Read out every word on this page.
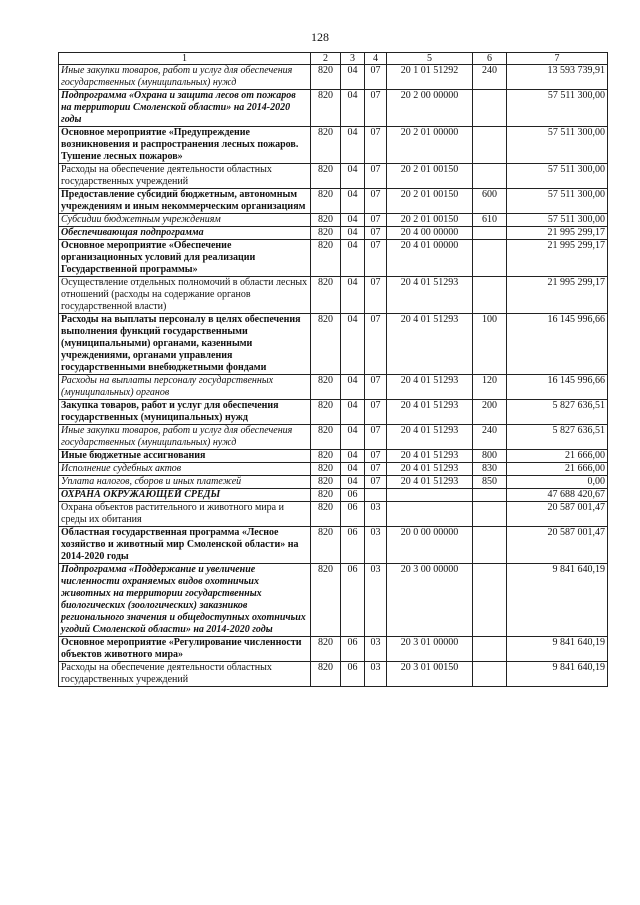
128
1	2	3	4	5	6	7
Иные закупки товаров, работ и услуг для обеспечения государственных (муниципальных) нужд	820	04	07	20 1 01 51292	240	13 593 739,91
Подпрограмма «Охрана и защита лесов от пожаров на территории Смоленской области» на 2014-2020 годы	820	04	07	20 2 00 00000		57 511 300,00
Основное мероприятие «Предупреждение возникновения и распространения лесных пожаров. Тушение лесных пожаров»	820	04	07	20 2 01 00000		57 511 300,00
Расходы на обеспечение деятельности областных государственных учреждений	820	04	07	20 2 01 00150		57 511 300,00
Предоставление субсидий бюджетным, автономным учреждениям и иным некоммерческим организациям	820	04	07	20 2 01 00150	600	57 511 300,00
Субсидии бюджетным учреждениям	820	04	07	20 2 01 00150	610	57 511 300,00
Обеспечивающая подпрограмма	820	04	07	20 4 00 00000		21 995 299,17
Основное мероприятие «Обеспечение организационных условий для реализации Государственной программы»	820	04	07	20 4 01 00000		21 995 299,17
Осуществление отдельных полномочий в области лесных отношений (расходы на содержание органов государственной власти)	820	04	07	20 4 01 51293		21 995 299,17
Расходы на выплаты персоналу в целях обеспечения выполнения функций государственными (муниципальными) органами, казенными учреждениями, органами управления государственными внебюджетными фондами	820	04	07	20 4 01 51293	100	16 145 996,66
Расходы на выплаты персоналу государственных (муниципальных) органов	820	04	07	20 4 01 51293	120	16 145 996,66
Закупка товаров, работ и услуг для обеспечения государственных (муниципальных) нужд	820	04	07	20 4 01 51293	200	5 827 636,51
Иные закупки товаров, работ и услуг для обеспечения государственных (муниципальных) нужд	820	04	07	20 4 01 51293	240	5 827 636,51
Иные бюджетные ассигнования	820	04	07	20 4 01 51293	800	21 666,00
Исполнение судебных актов	820	04	07	20 4 01 51293	830	21 666,00
Уплата налогов, сборов и иных платежей	820	04	07	20 4 01 51293	850	0,00
ОХРАНА ОКРУЖАЮЩЕЙ СРЕДЫ	820	06				47 688 420,67
Охрана объектов растительного и животного мира и среды их обитания	820	06	03			20 587 001,47
Областная государственная программа «Лесное хозяйство и животный мир Смоленской области» на 2014-2020 годы	820	06	03	20 0 00 00000		20 587 001,47
Подпрограмма «Поддержание и увеличение численности охраняемых видов охотничьих животных на территории государственных биологических (зоологических) заказников регионального значения и общедоступных охотничьих угодий Смоленской области» на 2014-2020 годы	820	06	03	20 3 00 00000		9 841 640,19
Основное мероприятие «Регулирование численности объектов животного мира»	820	06	03	20 3 01 00000		9 841 640,19
Расходы на обеспечение деятельности областных государственных учреждений	820	06	03	20 3 01 00150		9 841 640,19
